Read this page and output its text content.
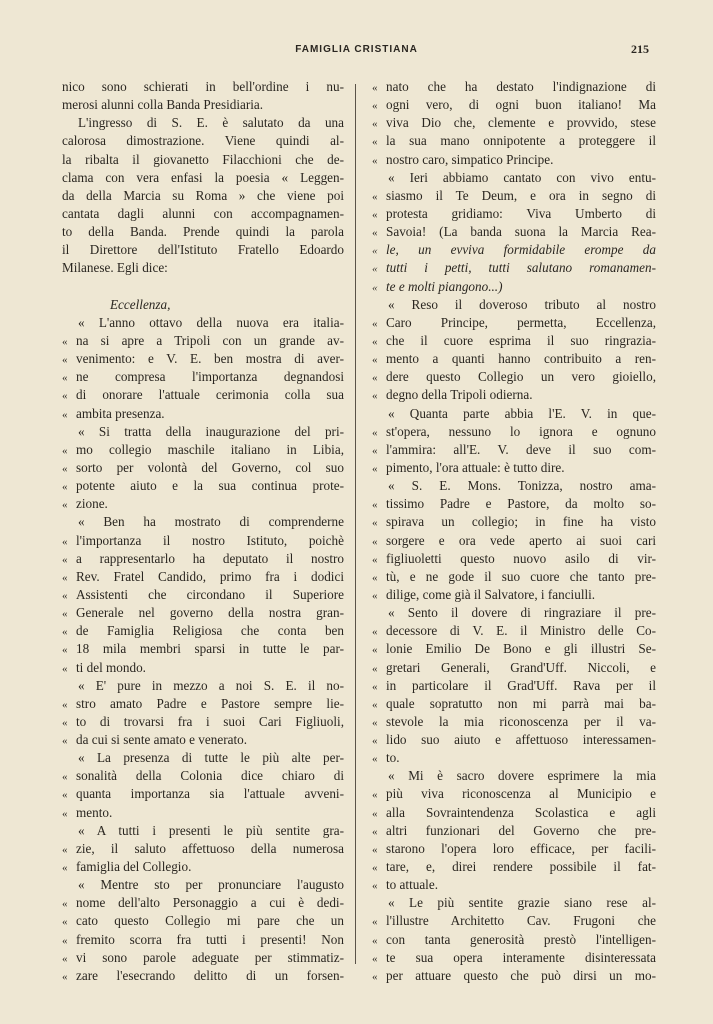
FAMIGLIA CRISTIANA	215
nico sono schierati in bell'ordine i nu-
merosi alunni colla Banda Presidiaria.
L'ingresso di S. E. è salutato da una
calorosa dimostrazione. Viene quindi al-
la ribalta il giovanetto Filacchioni che de-
clama con vera enfasi la poesia « Leggen-
da della Marcia su Roma » che viene poi
cantata dagli alunni con accompagnamen-
to della Banda. Prende quindi la parola
il Direttore dell'Istituto Fratello Edoardo
Milanese. Egli dice:
Eccellenza,
« L'anno ottavo della nuova era italia-
« na si apre a Tripoli con un grande av-
« venimento: e V. E. ben mostra di aver-
« ne compresa l'importanza degnandosi
« di onorare l'attuale cerimonia colla sua
« ambita presenza.
« Si tratta della inaugurazione del pri-
« mo collegio maschile italiano in Libia,
« sorto per volontà del Governo, col suo
« potente aiuto e la sua continua prote-
« zione.
« Ben ha mostrato di comprenderne
« l'importanza il nostro Istituto, poichè
« a rappresentarlo ha deputato il nostro
« Rev. Fratel Candido, primo fra i dodici
« Assistenti che circondano il Superiore
« Generale nel governo della nostra gran-
« de Famiglia Religiosa che conta ben
« 18 mila membri sparsi in tutte le par-
« ti del mondo.
« E' pure in mezzo a noi S. E. il no-
« stro amato Padre e Pastore sempre lie-
« to di trovarsi fra i suoi Cari Figliuoli,
« da cui si sente amato e venerato.
« La presenza di tutte le più alte per-
« sonalità della Colonia dice chiaro di
« quanta importanza sia l'attuale avveni-
« mento.
« A tutti i presenti le più sentite gra-
« zie, il saluto affettuoso della numerosa
« famiglia del Collegio.
« Mentre sto per pronunciare l'augusto
« nome dell'alto Personaggio a cui è dedi-
« cato questo Collegio mi pare che un
« fremito scorra fra tutti i presenti! Non
« vi sono parole adeguate per stimmatiz-
« zare l'esecrando delitto di un forsen-
« nato che ha destato l'indignazione di
« ogni vero, di ogni buon italiano! Ma
« viva Dio che, clemente e provvido, stese
« la sua mano onnipotente a proteggere il
« nostro caro, simpatico Principe.
« Ieri abbiamo cantato con vivo entu-
« siasmo il Te Deum, e ora in segno di
« protesta gridiamo: Viva Umberto di
« Savoia! (La banda suona la Marcia Rea-
« le, un evviva formidabile erompe da
« tutti i petti, tutti salutano romanamen-
« te e molti piangono...)
« Reso il doveroso tributo al nostro
« Caro Principe, permetta, Eccellenza,
« che il cuore esprima il suo ringrazia-
« mento a quanti hanno contribuito a ren-
« dere questo Collegio un vero gioiello,
« degno della Tripoli odierna.
« Quanta parte abbia l'E. V. in que-
« st'opera, nessuno lo ignora e ognuno
« l'ammira: all'E. V. deve il suo com-
« pimento, l'ora attuale: è tutto dire.
« S. E. Mons. Tonizza, nostro ama-
« tissimo Padre e Pastore, da molto so-
« spirava un collegio; in fine ha visto
« sorgere e ora vede aperto ai suoi cari
« figliuoletti questo nuovo asilo di vir-
« tù, e ne gode il suo cuore che tanto pre-
« dilige, come già il Salvatore, i fanciulli.
« Sento il dovere di ringraziare il pre-
« decessore di V. E. il Ministro delle Co-
« lonie Emilio De Bono e gli illustri Se-
« gretari Generali, Grand'Uff. Niccoli, e
« in particolare il Grad'Uff. Rava per il
« quale sopratutto non mi parrà mai ba-
« stevole la mia riconoscenza per il va-
« lido suo aiuto e affettuoso interessamen-
« to.
« Mi è sacro dovere esprimere la mia
« più viva riconoscenza al Municipio e
« alla Sovraintendenza Scolastica e agli
« altri funzionari del Governo che pre-
« starono l'opera loro efficace, per facili-
« tare, e, direi rendere possibile il fat-
« to attuale.
« Le più sentite grazie siano rese al-
« l'illustre Architetto Cav. Frugoni che
« con tanta generosità prestò l'intelligen-
« te sua opera interamente disinteressata
« per attuare questo che può dirsi un mo-
